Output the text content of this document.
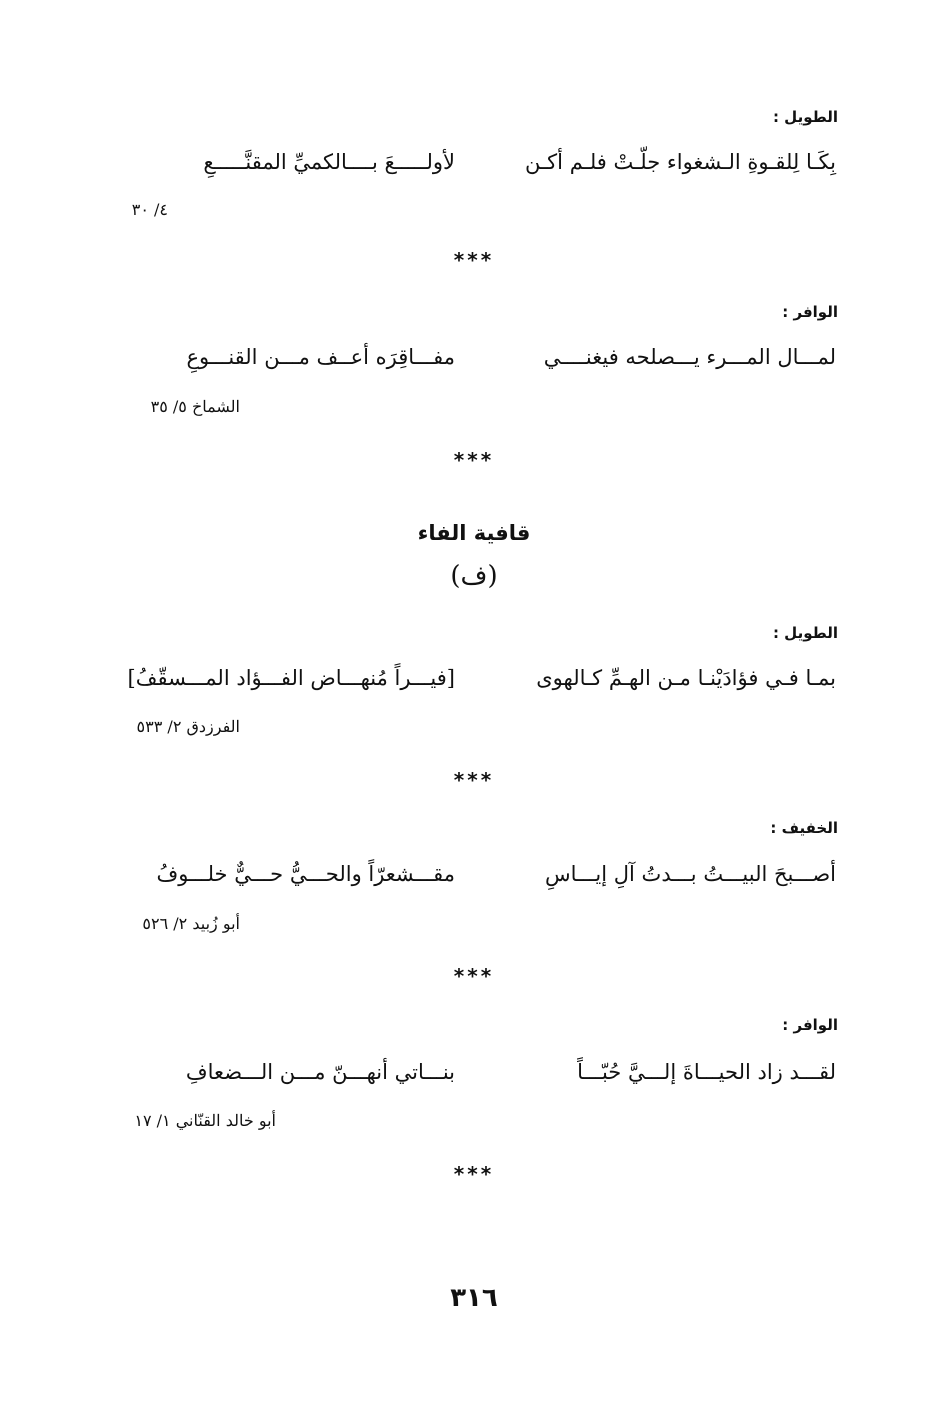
الطويل :
بِكَـا لِلقـوةِ الـشغواء جلّـتْ فلـم أكـن
لأولـــــعَ بــــالكميِّ المقنَّـــــعِ
٤/ ٣٠
***
الوافر :
لمـــال المـــرء يـــصلحه فيغنــــي
مفـــاقِرَه أعــف مـــن القنـــوعِ
الشماخ ٥/ ٣٥
***
قافية الفاء
(ف)
الطويل :
بمـا فـي فؤادَيْنـا مـن الهـمِّ كـالهوى
[فيـــراً مُنهـــاض الفـــؤاد المـــسقّفُ]
الفرزدق ٢/ ٥٣٣
***
الخفيف :
أصـــبحَ البيـــتُ بـــدتُ آلِ إيـــاسِ
مقـــشعرّاً والحـــيُّ حـــيٌّ خلـــوفُ
أبو زُبيد ٢/ ٥٢٦
***
الوافر :
لقـــد زاد الحيـــاةَ إلـــيَّ حُبّـــاً
بنـــاتي أنهـــنّ مـــن الـــضعافِ
أبو خالد القنّاني ١/ ١٧
***
٣١٦
